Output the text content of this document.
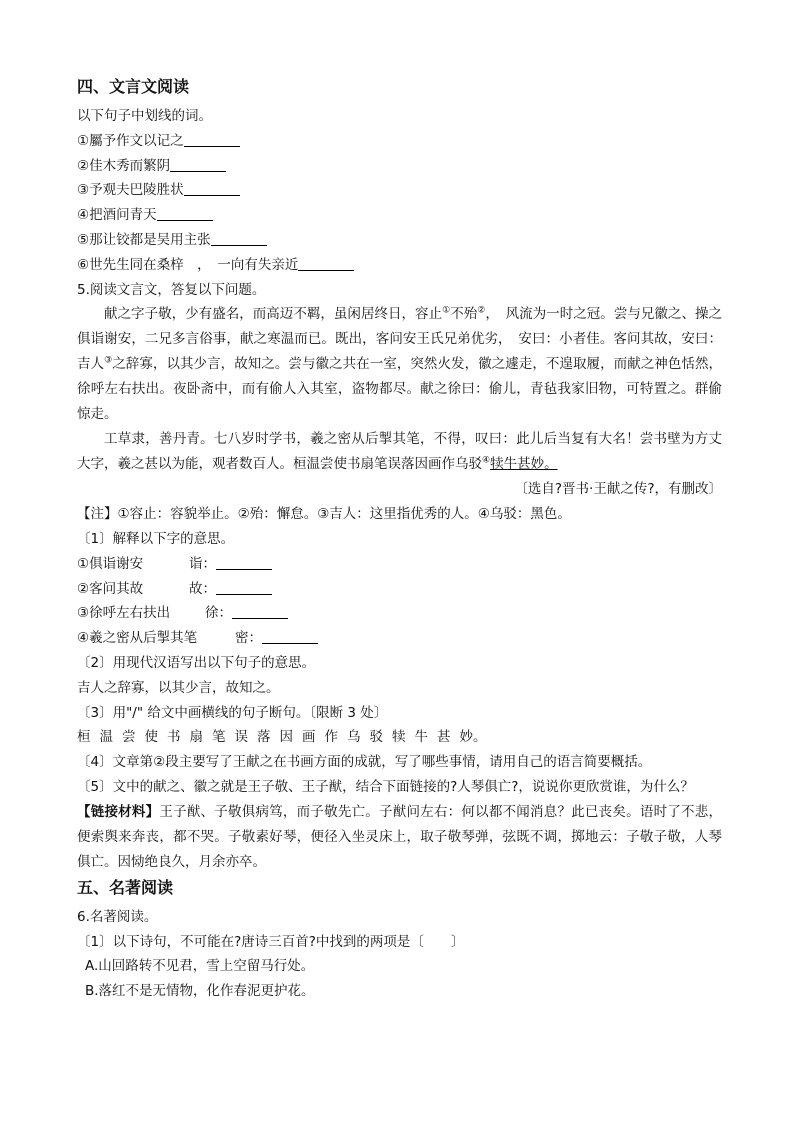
四、文言文阅读
以下句子中划线的词。
①屬予作文以记之
②佳木秀而繁阴
③予观夫巴陵胜状
④把酒问青天
⑤那让铰都是吴用主张
⑥世先生同在桑梓　，　一向有失亲近
5.阅读文言文，答复以下问题。

献之字子敬，少有盛名，而高迈不羁，虽闲居终日，容止①不殆②，　风流为一时之冠。尝与兄徽之、操之俱诣谢安，二兄多言俗事，献之寒温而已。既出，客问安王氏兄弟优劣，　安曰：小者佳。客问其故，安曰：吉人③之辞寡，以其少言，故知之。尝与徽之共在一室，突然火发，徽之遽走，不遑取履，而献之神色恬然，徐呼左右扶出。夜卧斋中，而有偷人入其室，盗物都尽。献之徐曰：偷儿，青毡我家旧物，可特置之。群偷惊走。

工草隶，善丹青。七八岁时学书，羲之密从后掣其笔，不得，叹曰：此儿后当复有大名！尝书壁为方丈大字，羲之甚以为能，观者数百人。桓温尝使书扇笔误落因画作乌驳④犊牛甚妙。

〔选自?晋书·王献之传?，有删改〕
【注】①容止：容貌举止。②殆：懈怠。③吉人：这里指优秀的人。④乌驳：黑色。
〔1〕解释以下字的意思。
①俱诣谢安	诣：
②客问其故	故：
③徐呼左右扶出	徐：
④羲之密从后掣其笔	密：
〔2〕用现代汉语写出以下句子的意思。
吉人之辞寡，以其少言，故知之。
〔3〕用"/" 给文中画横线的句子断句。〔限断 3 处〕
桓 温 尝 使 书 扇 笔 误 落 因 画 作 乌 驳 犊 牛 甚 妙。
〔4〕文章第②段主要写了王献之在书画方面的成就，写了哪些事情，请用自己的语言简要概括。
〔5〕文中的献之、徽之就是王子敬、王子猷，结合下面链接的?人琴俱亡?，说说你更欣赏谁，为什么？

【链接材料】王子猷、子敬俱病笃，而子敬先亡。子猷问左右：何以都不闻消息？此已丧矣。语时了不悲，便索舆来奔丧，都不哭。子敬素好琴，便径入坐灵床上，取子敬琴弹，弦既不调，掷地云：子敬子敬，人琴俱亡。因恸绝良久，月余亦卒。

五、名著阅读
6.名著阅读。
〔1〕以下诗句，不可能在?唐诗三百首?中找到的两项是〔　　〕
A.山回路转不见君，雪上空留马行处。
B.落红不是无情物，化作春泥更护花。
